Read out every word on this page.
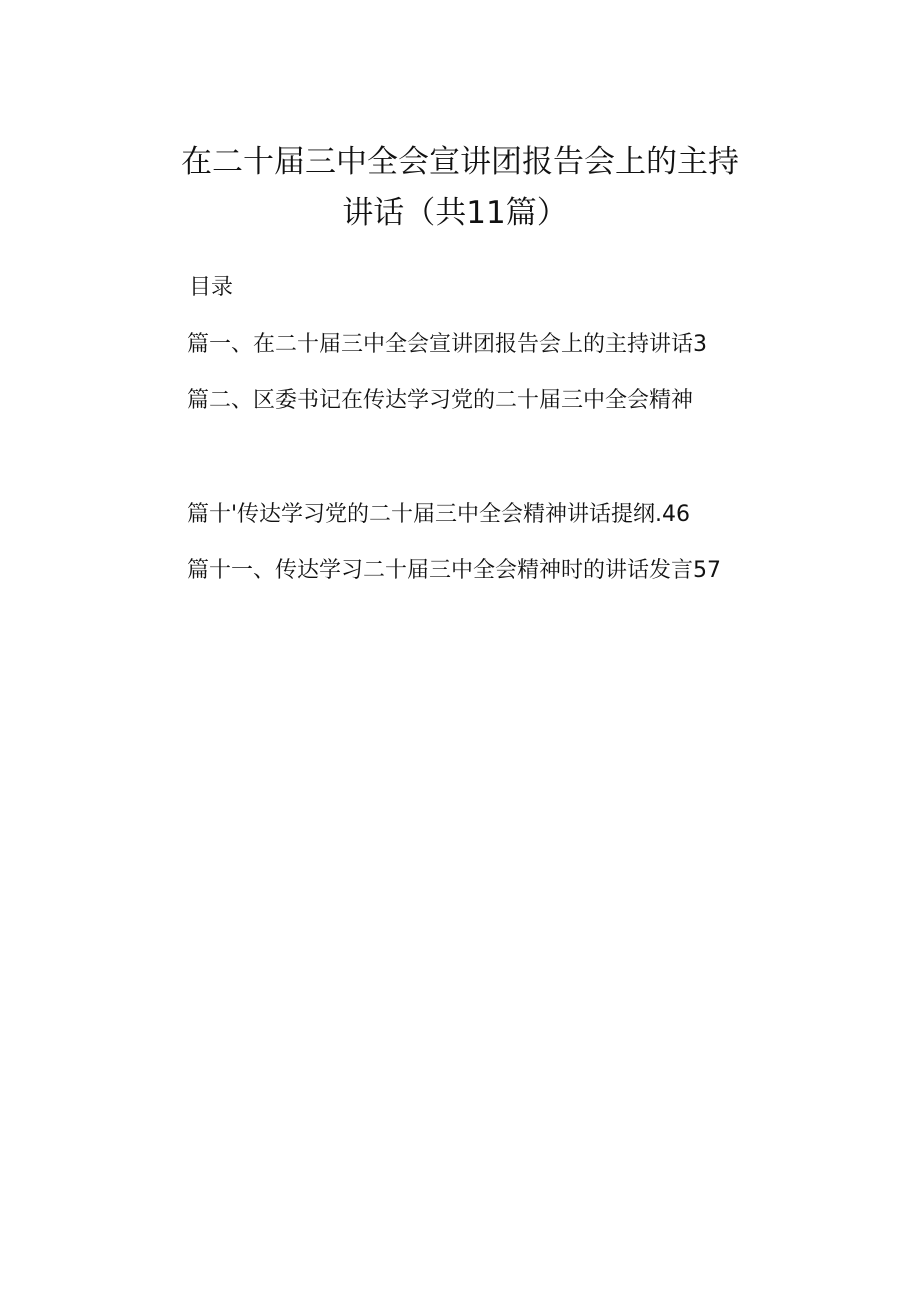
在二十届三中全会宣讲团报告会上的主持
讲话（共11篇）
目录
篇一、在二十届三中全会宣讲团报告会上的主持讲话3
篇二、区委书记在传达学习党的二十届三中全会精神
篇十'传达学习党的二十届三中全会精神讲话提纲.46
篇十一、传达学习二十届三中全会精神时的讲话发言57
